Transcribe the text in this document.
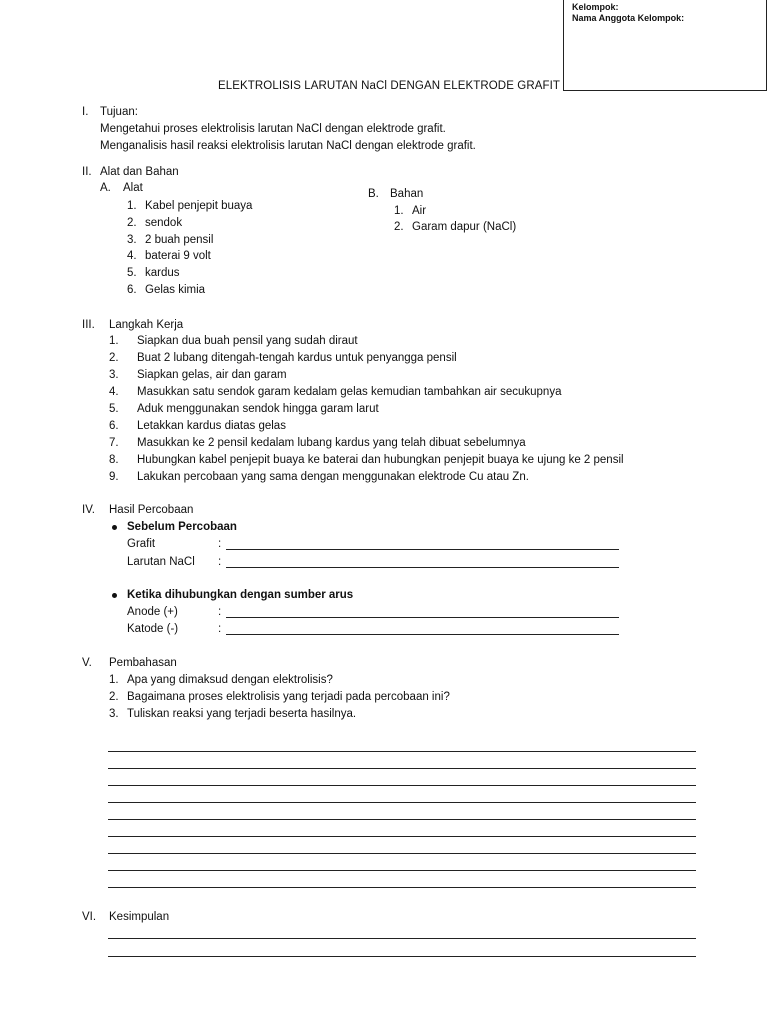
Kelompok:
Nama Anggota Kelompok:
ELEKTROLISIS LARUTAN NaCl DENGAN ELEKTRODE GRAFIT
I. Tujuan:
Mengetahui proses elektrolisis larutan NaCl dengan elektrode grafit.
Menganalisis hasil reaksi elektrolisis larutan NaCl dengan elektrode grafit.
II. Alat dan Bahan
A. Alat
1. Kabel penjepit buaya
2. sendok
3. 2 buah pensil
4. baterai 9 volt
5. kardus
6. Gelas kimia
B. Bahan
1. Air
2. Garam dapur (NaCl)
III. Langkah Kerja
1. Siapkan dua buah pensil yang sudah diraut
2. Buat 2 lubang ditengah-tengah kardus untuk penyangga pensil
3. Siapkan gelas, air dan garam
4. Masukkan satu sendok garam kedalam gelas kemudian tambahkan air secukupnya
5. Aduk menggunakan sendok hingga garam larut
6. Letakkan kardus diatas gelas
7. Masukkan ke 2 pensil kedalam lubang kardus yang telah dibuat sebelumnya
8. Hubungkan kabel penjepit buaya ke baterai dan hubungkan penjepit buaya ke ujung ke 2 pensil
9. Lakukan percobaan yang sama dengan menggunakan elektrode Cu atau Zn.
IV. Hasil Percobaan
Sebelum Percobaan
Grafit	:
Larutan NaCl :
Ketika dihubungkan dengan sumber arus
Anode (+)	:
Katode (-)	:
V. Pembahasan
1. Apa yang dimaksud dengan elektrolisis?
2. Bagaimana proses elektrolisis yang terjadi pada percobaan ini?
3. Tuliskan reaksi yang terjadi beserta hasilnya.
VI. Kesimpulan
